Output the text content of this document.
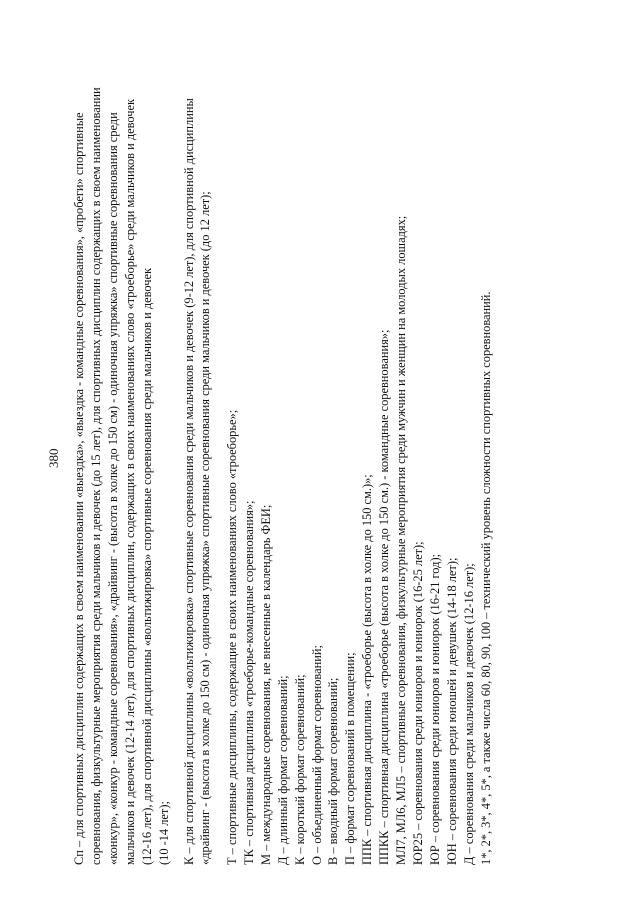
380 Сп – для спортивных дисциплин содержащих в своем наименовании «выездка», «выездка - командные соревнования», «пробеги» спортивные соревнования, физкультурные мероприятия среди мальчиков и девочек (до 15 лет), для спортивных дисциплин содержащих в своем наименовании «конкур», «конкур - командные соревнования», «драйвинг - (высота в холке до 150 см) - одиночная упряжка» спортивные соревнования среди мальчиков и девочек (12-14 лет), для спортивных дисциплин, содержащих в своих наименованиях слово «троеборье» среди мальчиков и девочек (12-16 лет), для спортивной дисциплины «вольтижировка» спортивные соревнования среди мальчиков и девочек (10 -14 лет); К – для спортивной дисциплины «вольтижировка» спортивные соревнования среди мальчиков и девочек (9-12 лет), для спортивной дисциплины «драйвинг - (высота в холке до 150 см) - одиночная упряжка» спортивные соревнования среди мальчиков и девочек (до 12 лет); Т – спортивные дисциплины, содержащие в своих наименованиях слово «троеборье»; ТК – спортивная дисциплина «троеборье-командные соревнования»; М – международные соревнования, не внесенные в календарь ФЕИ; Д – длинный формат соревнований; К – короткий формат соревнований; О – объединенный формат соревнований; В – вводный формат соревнований; П – формат соревнований в помещении; ППК – спортивная дисциплина - «троеборье (высота в холке до 150 см.)»; ППКК – спортивная дисциплина «троеборье (высота в холке до 150 см.) - командные соревнования»; МЛ7, МЛ6, МЛ5 – спортивные соревнования, физкультурные мероприятия среди мужчин и женщин на молодых лошадях; ЮР25 – соревнования среди юниоров и юниорок (16-25 лет); ЮР – соревнования среди юниоров и юниорок (16-21 год); ЮН – соревнования среди юношей и девушек (14-18 лет); Д – соревнования среди мальчиков и девочек (12-16 лет); 1*, 2*, 3*, 4*, 5*, а также числа 60, 80, 90, 100 – технический уровень сложности спортивных соревнований.
